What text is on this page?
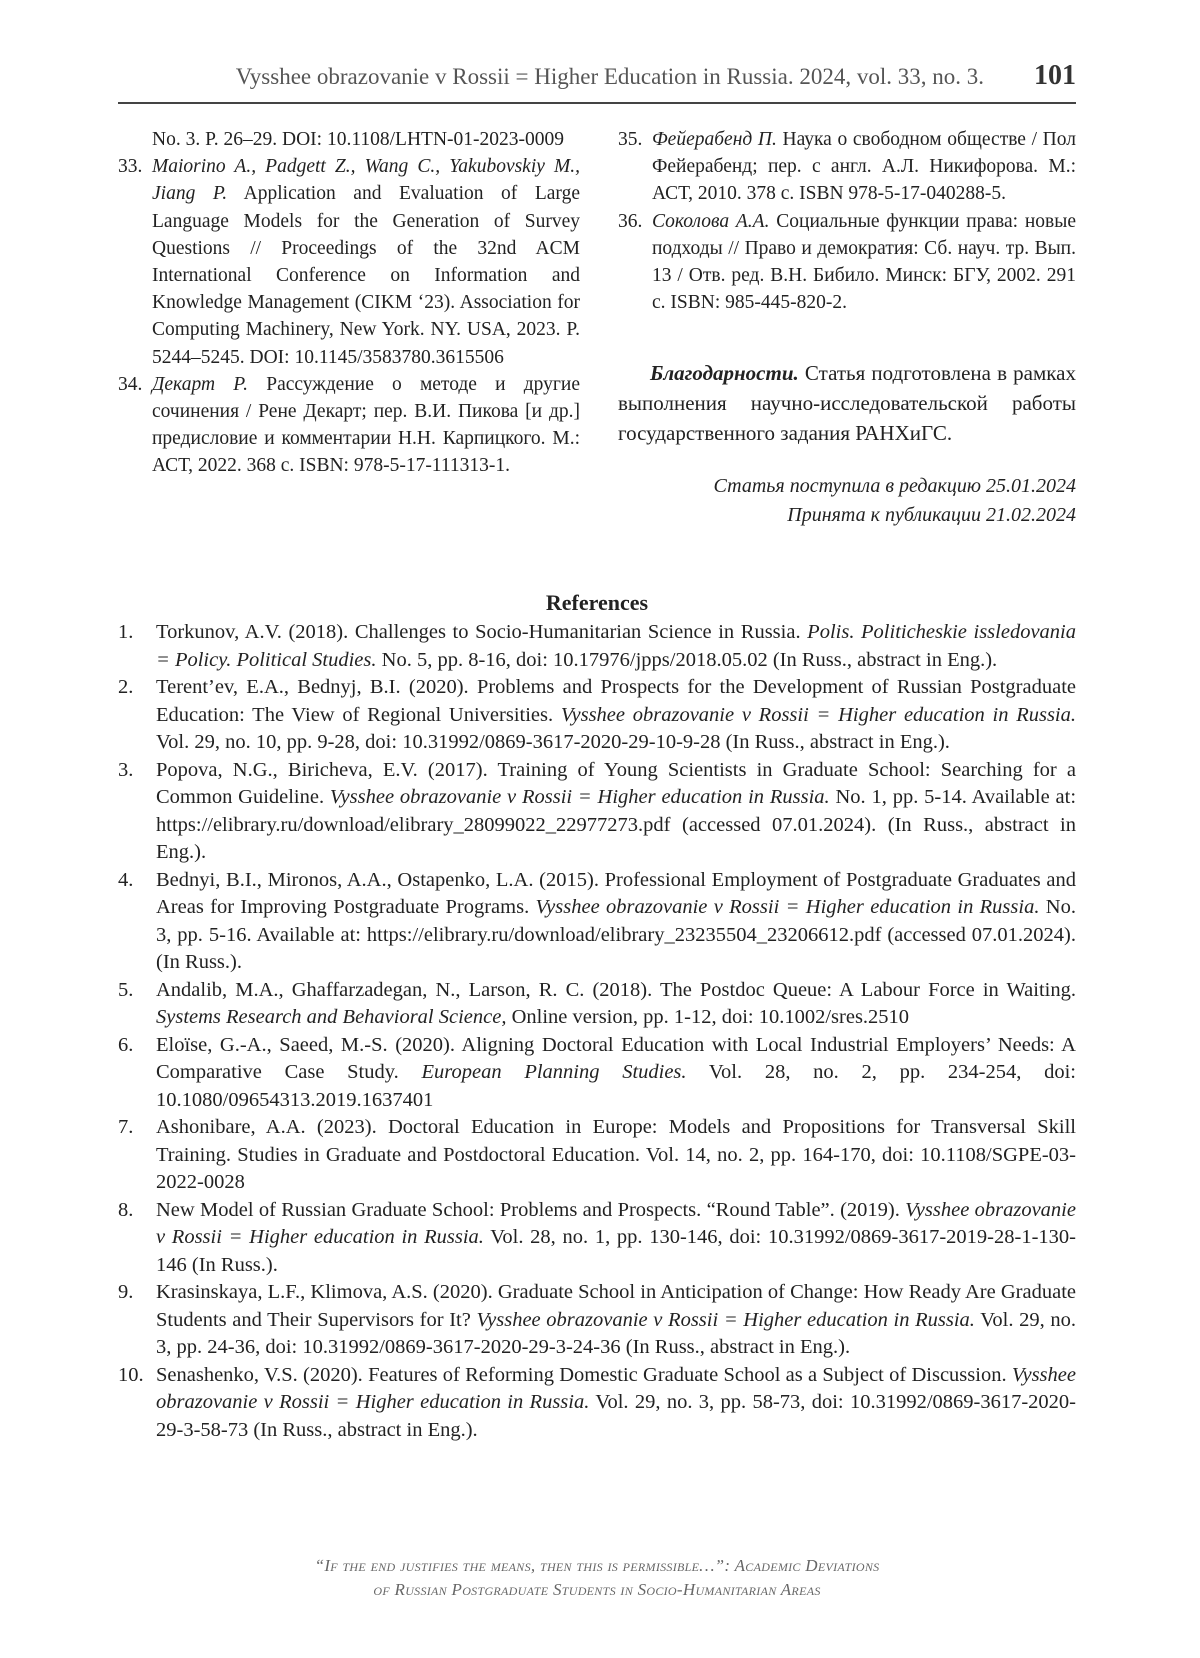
Vysshee obrazovanie v Rossii = Higher Education in Russia. 2024, vol. 33, no. 3. 101
No. 3. P. 26–29. DOI: 10.1108/LHTN-01-2023-0009
33. Maiorino A., Padgett Z., Wang C., Yakubovskiy M., Jiang P. Application and Evaluation of Large Language Models for the Generation of Survey Questions // Proceedings of the 32nd ACM International Conference on Information and Knowledge Management (CIKM ‘23). Association for Computing Machinery, New York. NY. USA, 2023. P. 5244–5245. DOI: 10.1145/3583780.3615506
34. Декарт Р. Рассуждение о методе и другие сочинения / Рене Декарт; пер. В.И. Пикова [и др.] предисловие и комментарии Н.Н. Карпицкого. М.: АСТ, 2022. 368 с. ISBN: 978-5-17-111313-1.
35. Фейерабенд П. Наука о свободном обществе / Пол Фейерабенд; пер. с англ. А.Л. Никифорова. М.: АСТ, 2010. 378 с. ISBN 978-5-17-040288-5.
36. Соколова А.А. Социальные функции права: новые подходы // Право и демократия: Сб. науч. тр. Вып. 13 / Отв. ред. В.Н. Бибило. Минск: БГУ, 2002. 291 с. ISBN: 985-445-820-2.
Благодарности. Статья подготовлена в рамках выполнения научно-исследовательской работы государственного задания РАНХиГС.
Статья поступила в редакцию 25.01.2024
Принята к публикации 21.02.2024
References
1. Torkunov, A.V. (2018). Challenges to Socio-Humanitarian Science in Russia. Polis. Politicheskie issledovania = Policy. Political Studies. No. 5, pp. 8-16, doi: 10.17976/jpps/2018.05.02 (In Russ., abstract in Eng.).
2. Terent’ev, E.A., Bednyj, B.I. (2020). Problems and Prospects for the Development of Russian Postgraduate Education: The View of Regional Universities. Vysshee obrazovanie v Rossii = Higher education in Russia. Vol. 29, no. 10, pp. 9-28, doi: 10.31992/0869-3617-2020-29-10-9-28 (In Russ., abstract in Eng.).
3. Popova, N.G., Biricheva, E.V. (2017). Training of Young Scientists in Graduate School: Searching for a Common Guideline. Vysshee obrazovanie v Rossii = Higher education in Russia. No. 1, pp. 5-14. Available at: https://elibrary.ru/download/elibrary_28099022_22977273.pdf (accessed 07.01.2024). (In Russ., abstract in Eng.).
4. Bednyi, B.I., Mironos, A.A., Ostapenko, L.A. (2015). Professional Employment of Postgraduate Graduates and Areas for Improving Postgraduate Programs. Vysshee obrazovanie v Rossii = Higher education in Russia. No. 3, pp. 5-16. Available at: https://elibrary.ru/download/elibrary_23235504_23206612.pdf (accessed 07.01.2024). (In Russ.).
5. Andalib, M.A., Ghaffarzadegan, N., Larson, R. C. (2018). The Postdoc Queue: A Labour Force in Waiting. Systems Research and Behavioral Science, Online version, pp. 1-12, doi: 10.1002/sres.2510
6. Eloïse, G.-A., Saeed, M.-S. (2020). Aligning Doctoral Education with Local Industrial Employers’ Needs: A Comparative Case Study. European Planning Studies. Vol. 28, no. 2, pp. 234-254, doi: 10.1080/09654313.2019.1637401
7. Ashonibare, A.A. (2023). Doctoral Education in Europe: Models and Propositions for Transversal Skill Training. Studies in Graduate and Postdoctoral Education. Vol. 14, no. 2, pp. 164-170, doi: 10.1108/SGPE-03-2022-0028
8. New Model of Russian Graduate School: Problems and Prospects. “Round Table”. (2019). Vysshee obrazovanie v Rossii = Higher education in Russia. Vol. 28, no. 1, pp. 130-146, doi: 10.31992/0869-3617-2019-28-1-130-146 (In Russ.).
9. Krasinskaya, L.F., Klimova, A.S. (2020). Graduate School in Anticipation of Change: How Ready Are Graduate Students and Their Supervisors for It? Vysshee obrazovanie v Rossii = Higher education in Russia. Vol. 29, no. 3, pp. 24-36, doi: 10.31992/0869-3617-2020-29-3-24-36 (In Russ., abstract in Eng.).
10. Senashenko, V.S. (2020). Features of Reforming Domestic Graduate School as a Subject of Discussion. Vysshee obrazovanie v Rossii = Higher education in Russia. Vol. 29, no. 3, pp. 58-73, doi: 10.31992/0869-3617-2020-29-3-58-73 (In Russ., abstract in Eng.).
“If the end justifies the means, then this is permissible…”: Academic Deviations
of Russian Postgraduate Students in Socio-Humanitarian Areas
